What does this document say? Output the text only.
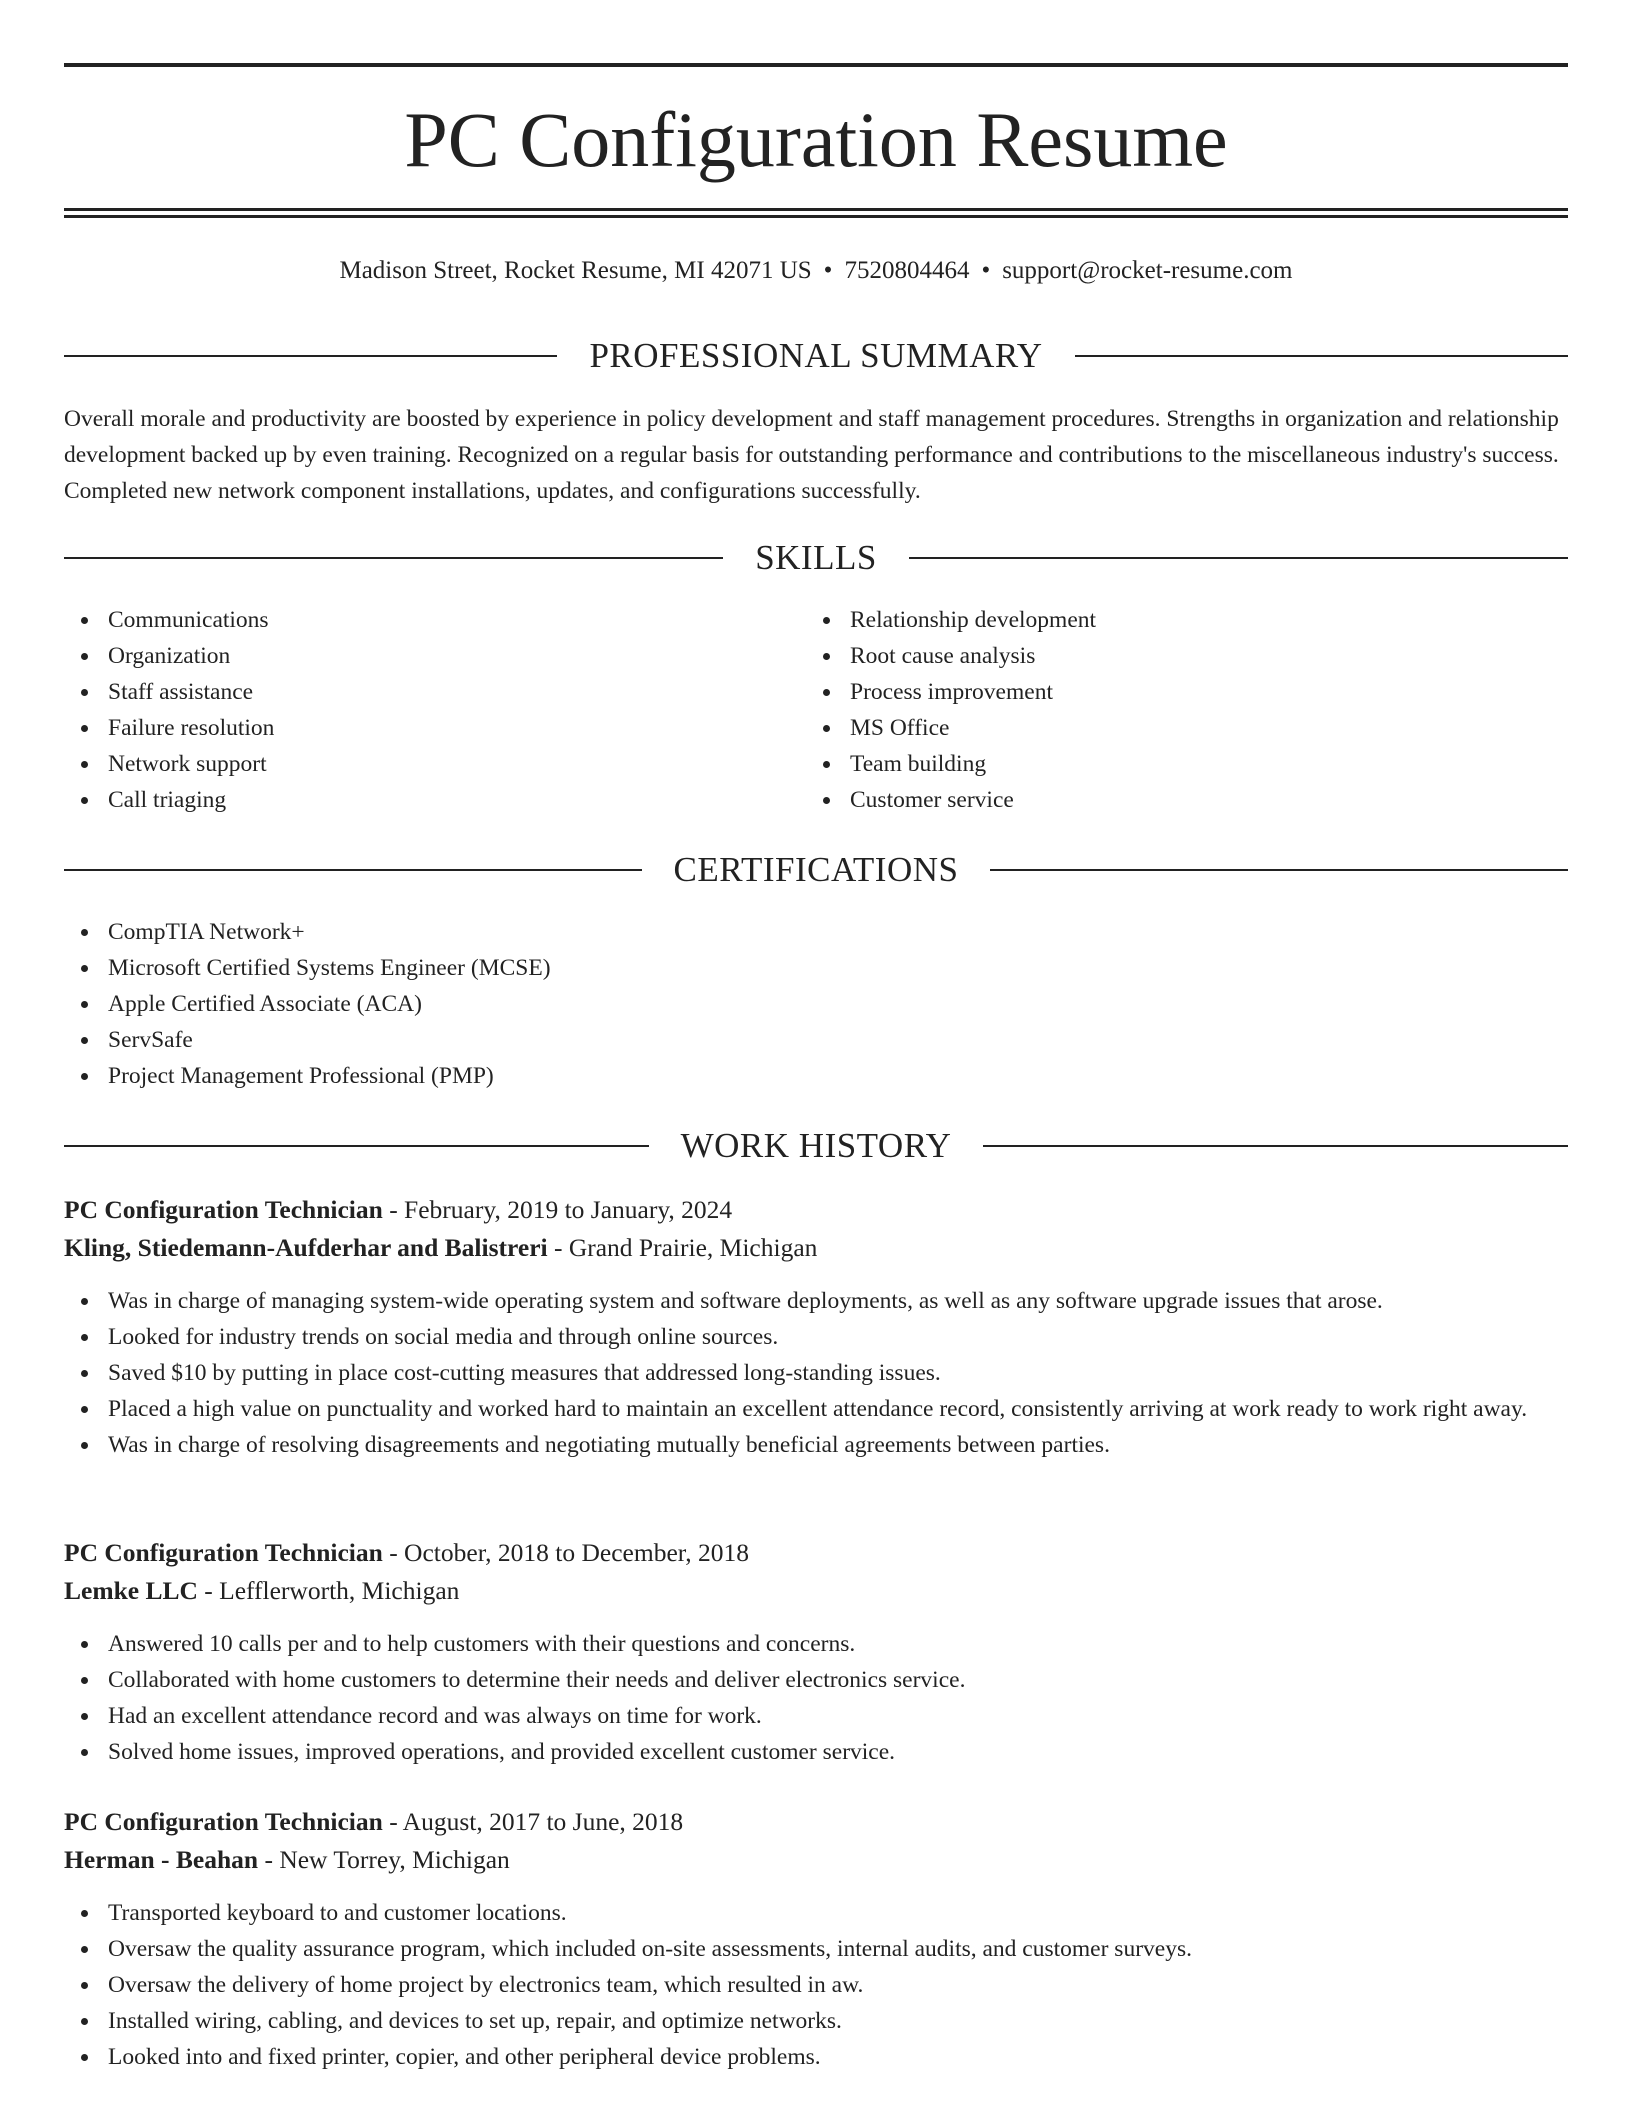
PC Configuration Resume
Madison Street, Rocket Resume, MI 42071 US • 7520804464 • support@rocket-resume.com
PROFESSIONAL SUMMARY

Overall morale and productivity are boosted by experience in policy development and staff management procedures. Strengths in organization and relationship development backed up by even training. Recognized on a regular basis for outstanding performance and contributions to the miscellaneous industry's success. Completed new network component installations, updates, and configurations successfully.

SKILLS
Communications
Organization
Staff assistance
Failure resolution
Network support
Call triaging
Relationship development
Root cause analysis
Process improvement
MS Office
Team building
Customer service
CERTIFICATIONS
CompTIA Network+
Microsoft Certified Systems Engineer (MCSE)
Apple Certified Associate (ACA)
ServSafe
Project Management Professional (PMP)
WORK HISTORY
PC Configuration Technician - February, 2019 to January, 2024
Kling, Stiedemann-Aufderhar and Balistreri - Grand Prairie, Michigan
Was in charge of managing system-wide operating system and software deployments, as well as any software upgrade issues that arose.
Looked for industry trends on social media and through online sources.
Saved $10 by putting in place cost-cutting measures that addressed long-standing issues.
Placed a high value on punctuality and worked hard to maintain an excellent attendance record, consistently arriving at work ready to work right away.
Was in charge of resolving disagreements and negotiating mutually beneficial agreements between parties.
PC Configuration Technician - October, 2018 to December, 2018
Lemke LLC - Lefflerworth, Michigan
Answered 10 calls per and to help customers with their questions and concerns.
Collaborated with home customers to determine their needs and deliver electronics service.
Had an excellent attendance record and was always on time for work.
Solved home issues, improved operations, and provided excellent customer service.
PC Configuration Technician - August, 2017 to June, 2018
Herman - Beahan - New Torrey, Michigan
Transported keyboard to and customer locations.
Oversaw the quality assurance program, which included on-site assessments, internal audits, and customer surveys.
Oversaw the delivery of home project by electronics team, which resulted in aw.
Installed wiring, cabling, and devices to set up, repair, and optimize networks.
Looked into and fixed printer, copier, and other peripheral device problems.
